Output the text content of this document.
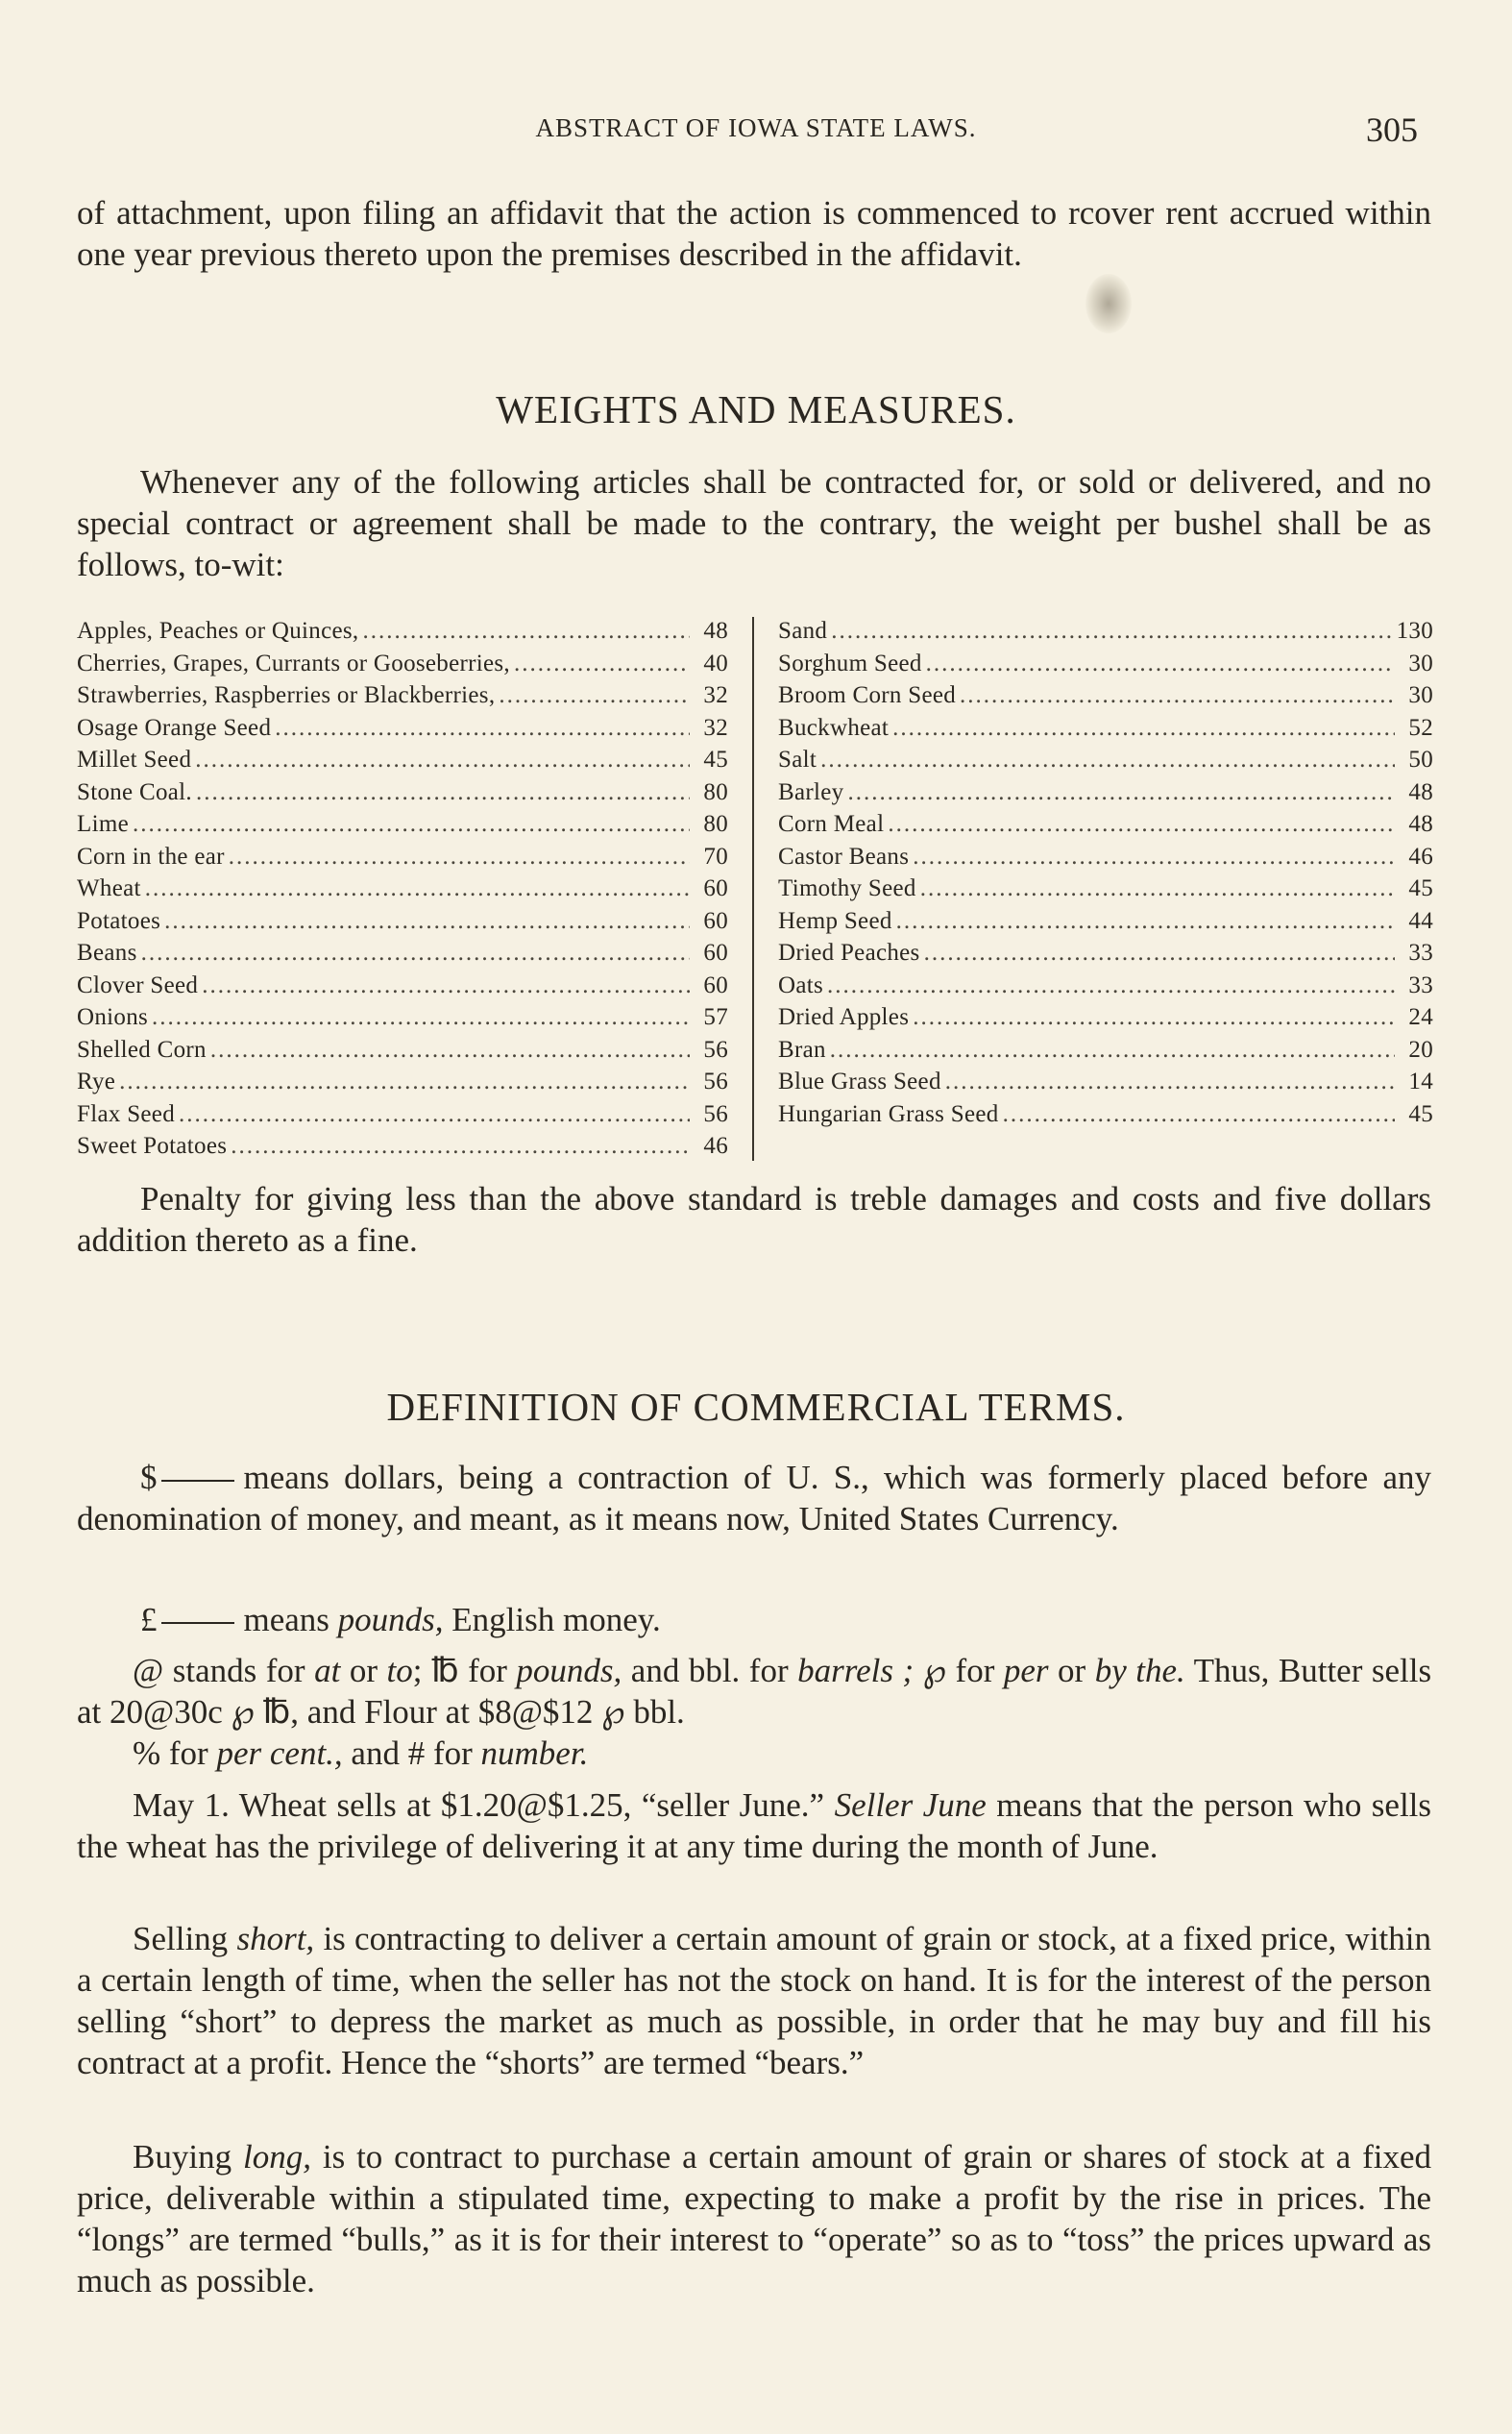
ABSTRACT OF IOWA STATE LAWS.	305

of attachment, upon filing an affidavit that the action is commenced to rcover rent accrued within one year previous thereto upon the premises described in the affidavit.

WEIGHTS AND MEASURES.

Whenever any of the following articles shall be contracted for, or sold or delivered, and no special contract or agreement shall be made to the contrary, the weight per bushel shall be as follows, to-wit:

Apples, Peaches or Quinces, .....	48
Cherries, Grapes, Currants or Gooseberries, .....	40
Strawberries, Raspberries or Blackberries, .....	32
Osage Orange Seed .....	32
Millet Seed .....	45
Stone Coal. .....	80
Lime .....	80
Corn in the ear .....	70
Wheat .....	60
Potatoes .....	60
Beans .....	60
Clover Seed .....	60
Onions .....	57
Shelled Corn .....	56
Rye .....	56
Flax Seed .....	56
Sweet Potatoes .....	46
Sand .....	130
Sorghum Seed .....	30
Broom Corn Seed .....	30
Buckwheat .....	52
Salt .....	50
Barley .....	48
Corn Meal .....	48
Castor Beans .....	46
Timothy Seed .....	45
Hemp Seed .....	44
Dried Peaches .....	33
Oats .....	33
Dried Apples .....	24
Bran .....	20
Blue Grass Seed .....	14
Hungarian Grass Seed .....	45

Penalty for giving less than the above standard is treble damages and costs and five dollars addition thereto as a fine.

DEFINITION OF COMMERCIAL TERMS.

$	means dollars, being a contraction of U. S., which was formerly placed before any denomination of money, and meant, as it means now, United States Currency.

£	means pounds, English money.

@ stands for at or to; ℔ for pounds, and bbl. for barrels ; ℘ for per or by the. Thus, Butter sells at 20@30c ℘ ℔, and Flour at $8@$12 ℘ bbl.

% for per cent., and # for number.

May 1. Wheat sells at $1.20@$1.25, “seller June.” Seller June means that the person who sells the wheat has the privilege of delivering it at any time during the month of June.

Selling short, is contracting to deliver a certain amount of grain or stock, at a fixed price, within a certain length of time, when the seller has not the stock on hand. It is for the interest of the person selling “short” to depress the market as much as possible, in order that he may buy and fill his contract at a profit. Hence the “shorts” are termed “bears.”

Buying long, is to contract to purchase a certain amount of grain or shares of stock at a fixed price, deliverable within a stipulated time, expecting to make a profit by the rise in prices. The “longs” are termed “bulls,” as it is for their interest to “operate” so as to “toss” the prices upward as much as possible.
